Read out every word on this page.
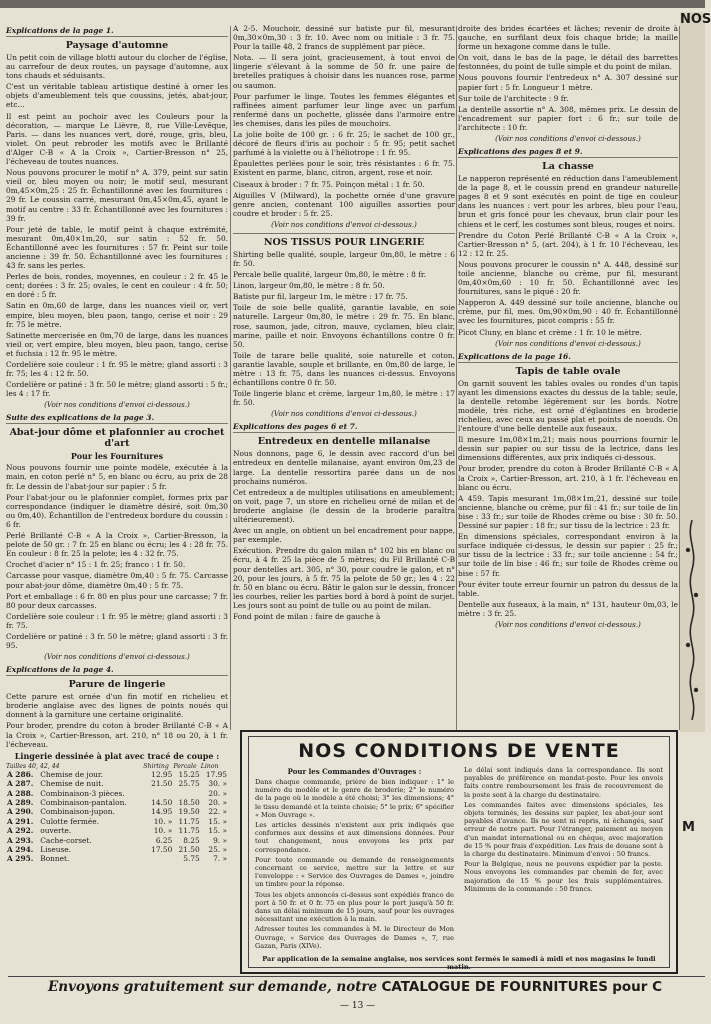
Explications de la page 1.
Paysage d'automne

Un petit coin de village blotti autour du clocher de l'église, au carrefour de deux routes, un paysage d'automne, aux tons chauds et séduisants.

C'est un véritable tableau artistique destiné à orner les objets d'ameublement tels que coussins, jetés, abat-jour, etc...

Il est peint au pochoir avec les Couleurs pour la décoration, — marque Le Lièvre, 8, rue Ville-Levêque, Paris. — dans les nuances vert, doré, rouge, gris, bleu, violet. On peut rebroder les motifs avec le Brillanté d'Alger C-B « A la Croix », Cartier-Bresson n° 25, l'écheveau de toutes nuances.

Nous pouvons procurer le motif n° A. 379, peint sur satin vieil or, bleu moyen ou noir; le motif seul, mesurant 0m,45×0m,25 : 25 fr. Échantillonné avec les fournitures : 29 fr. Le coussin carré, mesurant 0m,45×0m,45, ayant le motif au centre : 33 fr. Échantillonné avec les fournitures : 39 fr.

Pour jeté de table, le motif peint à chaque extrémité, mesurant 0m,40×1m,20, sur satin : 52 fr. 50. Échantillonné avec les fournitures : 57 fr. Peint sur toile ancienne : 39 fr. 50. Échantillonné avec les fournitures : 43 fr. sans les perles.

Perles de bois, rondes, moyennes, en couleur : 2 fr. 45 le cent; dorées : 3 fr. 25; ovales, le cent en couleur : 4 fr. 50; en doré : 5 fr.

Satin en 0m,60 de large, dans les nuances vieil or, vert empire, bleu moyen, bleu paon, tango, cerise et noir : 29 fr. 75 le mètre.

Satinette mercerisée en 0m,70 de large, dans les nuances vieil or, vert empire, bleu moyen, bleu paon, tango, cerise et fuchsia : 12 fr. 95 le mètre.

Cordelière soie couleur : 1 fr. 95 le mètre; gland assorti : 3 fr. 75; les 4 : 12 fr. 50.

Cordelière or patiné : 3 fr. 50 le mètre; gland assorti : 5 fr.; les 4 : 17 fr.

(Voir nos conditions d'envoi ci-dessous.)
Suite des explications de la page 3.
Abat-jour dôme et plafonnier au crochet d'art
Pour les Fournitures

Nous pouvons fournir une pointe modèle, exécutée à la main, en coton perlé n° 5, en blanc ou écru, au prix de 28 fr. Le dessin de l'abat-jour sur papier : 5 fr.

Pour l'abat-jour ou le plafonnier complet, formes prix par correspondance (indiquer le diamètre désiré, soit 0m,30 ou 0m,40). Échantillon de l'entredeux bordure du coussin : 6 fr.

Perlé Brillanté C-B « A la Croix », Cartier-Bresson, la pelote de 50 gr. : 7 fr. 25 en blanc ou écru; les 4 : 28 fr. 75. En couleur : 8 fr. 25 la pelote; les 4 : 32 fr. 75.

Crochet d'acier n° 15 : 1 fr. 25; franco : 1 fr. 50.

Carcasse pour vasque, diamètre 0m,40 : 5 fr. 75. Carcasse pour abat-jour dôme, diamètre 0m,40 : 5 fr. 75.

Port et emballage : 6 fr. 80 en plus pour une carcasse; 7 fr. 80 pour deux carcasses.

Cordelière soie couleur : 1 fr. 95 le mètre; gland assorti : 3 fr. 75.

Cordelière or patiné : 3 fr. 50 le mètre; gland assorti : 3 fr. 95.

(Voir nos conditions d'envoi ci-dessous.)
Explications de la page 4.
Parure de lingerie

Cette parure est ornée d'un fin motif en richelieu et broderie anglaise avec des lignes de points noués qui donnent à la garniture une certaine originalité.

Pour broder, prendre du coton à broder Brillanté C-B « A la Croix », Cartier-Bresson, art. 210, n° 18 ou 20, à 1 fr. l'écheveau.

Lingerie dessinée à plat avec tracé de coupe :
Tailles 40, 42, 44		Shirting	Percale	Linon
A 286.	Chemise de jour.	12.95	15.25	17.95
A 287.	Chemise de nuit.	21.50	25.75	30. »
A 288.	Combinaison-3 pièces.			20. »
A 289.	Combinaison-pantalon.	14.50	18.50	20. »
A 290.	Combinaison-jupon.	14.95	19.50	22. »
A 291.	Culotte fermée.	10. »	11.75	15. »
A 292.	ouverte.	10. »	11.75	15. »
A 293.	Cache-corset.	6.25	8.25	9. »
A 294.	Liseuse.	17.50	21.50	25. »
A 295.	Bonnet.		5.75	7. »

A 2-5. Mouchoir, dessiné sur batiste pur fil, mesurant 0m,30×0m,30 : 3 fr. 10. Avec nom ou initiale : 3 fr. 75. Pour la taille 48, 2 francs de supplément par pièce.

Nota. — Il sera joint, gracieusement, à tout envoi de lingerie s'élevant à la somme de 50 fr. une paire de bretelles pratiques à choisir dans les nuances rose, parme ou saumon.

Pour parfumer le linge. Toutes les femmes élégantes et raffinées aiment parfumer leur linge avec un parfum renfermé dans un pochette, glissée dans l'armoire entre les chemises, dans les piles de mouchoirs.

La jolie boîte de 100 gr. : 6 fr. 25; le sachet de 100 gr., décoré de fleurs d'iris au pochoir : 5 fr. 95; petit sachet parfumé à la violette ou à l'héliotrope : 1 fr. 95.

Épaulettes perlées pour le soir, très résistantes : 6 fr. 75. Existent en parme, blanc, citron, argent, rose et noir.

Ciseaux à broder : 7 fr. 75. Poinçon métal : 1 fr. 50.

Aiguilles V (Milward), la pochette ornée d'une gravure genre ancien, contenant 100 aiguilles assorties pour coudre et broder : 5 fr. 25.

(Voir nos conditions d'envoi ci-dessous.)
NOS TISSUS POUR LINGERIE

Shirting belle qualité, souple, largeur 0m,80, le mètre : 6 fr. 50.

Percale belle qualité, largeur 0m,80, le mètre : 8 fr.

Linon, largeur 0m,80, le mètre : 8 fr. 50.

Batiste pur fil, largeur 1m, le mètre : 17 fr. 75.

Toile de soie belle qualité, garantie lavable, en soie naturelle. Largeur 0m,80, le mètre : 29 fr. 75. En blanc, rose, saumon, jade, citron, mauve, cyclamen, bleu clair, marine, paille et noir. Envoyons échantillons contre 0 fr. 50.

Toile de tarare belle qualité, soie naturelle et coton, garantie lavable, souple et brillante, en 0m,80 de large, le mètre : 13 fr. 75, dans les nuances ci-dessus. Envoyons échantillons contre 0 fr. 50.

Toile lingerie blanc et crème, largeur 1m,80, le mètre : 17 fr. 50.

(Voir nos conditions d'envoi ci-dessous.)
Explications des pages 6 et 7.
Entredeux en dentelle milanaise

Nous donnons, page 6, le dessin avec raccord d'un bel entredeux en dentelle milanaise, ayant environ 0m,23 de large. La dentelle ressortira parée dans un de nos prochains numéros.

Cet entredeux a de multiples utilisations en ameublement; on voit, page 7, un store en richelieu orné de milan et de broderie anglaise (le dessin de la broderie paraîtra ultérieurement).

Avec un angle, on obtient un bel encadrement pour nappe, par exemple.

Exécution. Prendre du galon milan n° 102 bis en blanc ou écru, à 4 fr. 25 la pièce de 5 mètres; du Fil Brillanté C-B pour dentelles art. 305, n° 30, pour coudre le galon, et n° 20, pour les jours, à 5 fr. 75 la pelote de 50 gr.; les 4 : 22 fr. 50 en blanc ou écru. Bâtir le galon sur le dessin, froncer les courbes, relier les parties bord à bord à point de surjet. Les jours sont au point de tulle ou au point de milan.

Fond point de milan : faire de gauche à

droite des brides écartées et lâches; revenir de droite à gauche, en surfilant deux fois chaque bride; la maille forme un hexagone comme dans le tulle.

On voit, dans le bas de la page, le détail des barrettes festonnées, du point de tulle simple et du point de milan.

Nous pouvons fournir l'entredeux n° A. 307 dessiné sur papier fort : 5 fr. Longueur 1 mètre.

Sur toile de l'architecte : 9 fr.

La dentelle assortie n° A. 308, mêmes prix. Le dessin de l'encadrement sur papier fort : 6 fr.; sur toile de l'architecte : 10 fr.

(Voir nos conditions d'envoi ci-dessous.)
Explications des pages 8 et 9.
La chasse

Le napperon représenté en réduction dans l'ameublement de la page 8, et le coussin prend en grandeur naturelle pages 8 et 9 sont exécutés en point de tige en couleur dans les nuances : vert pour les arbres, bleu pour l'eau, brun et gris foncé pour les chevaux, brun clair pour les chiens et le cerf, les costumes sont bleus, rouges et noirs.

Prendre du Coton Perlé Brillanté C-B « A la Croix », Cartier-Bresson n° 5, (art. 204), à 1 fr. 10 l'écheveau, les 12 : 12 fr. 25.

Nous pouvons procurer le coussin n° A. 448, dessiné sur toile ancienne, blanche ou crème, pur fil, mesurant 0m,40×0m,60 : 10 fr. 50. Échantillonné avec les fournitures, sans le piqué : 20 fr.

Napperon A. 449 dessiné sur toile ancienne, blanche ou crème, pur fil, mes. 0m,90×0m,90 : 40 fr. Échantillonné avec les fournitures, picot compris : 55 fr.

Picot Cluny, en blanc et crème : 1 fr. 10 le mètre.

(Voir nos conditions d'envoi ci-dessous.)
Explications de la page 16.
Tapis de table ovale

On garnit souvent les tables ovales ou rondes d'un tapis ayant les dimensions exactes du dessus de la table; seule, la dentelle retombe légèrement sur les bords. Notre modèle, très riche, est orné d'églantines en broderie richelieu, avec ceux au passé plat et points de noeuds. On l'entoure d'une belle dentelle aux fuseaux.

Il mesure 1m,08×1m,21; mais nous pourrions fournir le dessin sur papier ou sur tissu de la lectrice, dans les dimensions différentes, aux prix indiqués ci-dessous.

Pour broder, prendre du coton à Broder Brillanté C-B « A la Croix », Cartier-Bresson, art. 210, à 1 fr. l'écheveau en blanc ou écru.

A 459. Tapis mesurant 1m,08×1m,21, dessiné sur toile ancienne, blanche ou crème, pur fil : 41 fr.; sur toile de lin bise : 33 fr.; sur toile de Rhodes crème ou bise : 30 fr. 50. Dessiné sur papier : 18 fr.; sur tissu de la lectrice : 23 fr.

En dimensions spéciales, correspondant environ à la surface indiquée ci-dessus, le dessin sur papier : 25 fr.; sur tissu de la lectrice : 33 fr.; sur toile ancienne : 54 fr.; sur toile de lin bise : 46 fr.; sur toile de Rhodes crème ou bise : 57 fr.

Pour éviter toute erreur fournir un patron du dessus de la table.

Dentelle aux fuseaux, à la main, n° 131, hauteur 0m,03, le mètre : 3 fr. 25.

(Voir nos conditions d'envoi ci-dessous.)
NOS
M
NOS CONDITIONS DE VENTE
Pour les Commandes d'Ouvrages :

Dans chaque commande, prière de bien indiquer : 1° le numéro du modèle et le genre de broderie; 2° le numéro de la page où le modèle a été choisi; 3° les dimensions; 4° le tissu demandé et la teinte choisie; 5° le prix; 6° spécifier « Mon Ouvrage ».

Les articles dessinés n'existent aux prix indiqués que conformes aux dessins et aux dimensions données. Pour tout changement, nous envoyons les prix par correspondance.

Pour toute commande ou demande de renseignements concernant ce service, mettre sur la lettre et sur l'enveloppe : « Service des Ouvrages de Dames », joindre un timbre pour la réponse.

Tous les objets annoncés ci-dessus sont expédiés franco de port à 50 fr. et 0 fr. 75 en plus pour le port jusqu'à 50 fr. dans un délai minimum de 15 jours, sauf pour les ouvrages nécessitant une exécution à la main.

Adresser toutes les commandes à M. le Directeur de Mon Ouvrage, « Service des Ouvrages de Dames », 7, rue Gazan, Paris (XIVe).

Le délai sont indiqués dans la correspondance. Ils sont payables de préférence en mandat-poste. Pour les envois faits contre remboursement les frais de recouvrement de la poste sont à la charge du destinataire.

Les commandes faites avec dimensions spéciales, les objets terminés, les dessins sur papier, les abat-jour sont payables d'avance. Ils ne sont ni repris, ni échangés, sauf erreur de notre part. Pour l'étranger, paiement au moyen d'un mandat international ou en chèque, avec majoration de 15 % pour frais d'expédition. Les frais de douane sont à la charge du destinataire. Minimum d'envoi : 50 francs.

Pour la Belgique, nous ne pouvons expédier par la poste. Nous envoyons les commandes par chemin de fer, avec majoration de 15 % pour les frais supplémentaires. Minimum de la commande : 50 francs.

Par application de la semaine anglaise, nos services sont fermés le samedi à midi et nos magasins le lundi matin.
Envoyons gratuitement sur demande, notre CATALOGUE DE FOURNITURES pour C
— 13 —
